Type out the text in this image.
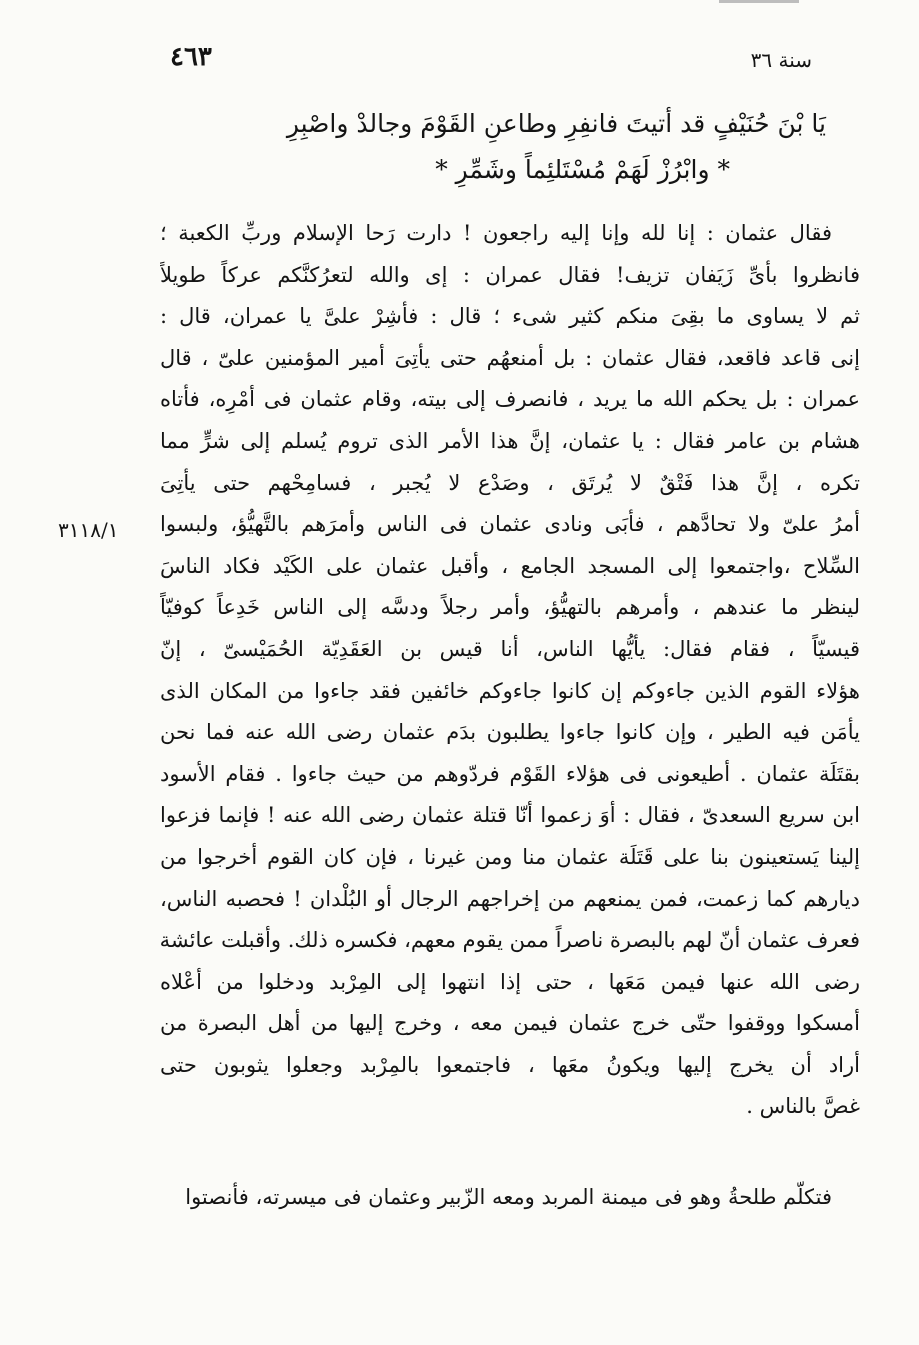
٤٦٣	سنة ٣٦
يَا بْنَ حُنَيْفٍ قد أتيتَ فانفِرِ وطاعنِ القَوْمَ وجالدْ واصْبِرِ
* وابْرُزْ لَهَمْ مُسْتَلئِماً وشَمِّرِ *
٣١١٨/١
فقال عثمان : إنا لله وإنا إليه راجعون ! دارت رَحا الإسلام وربِّ الكعبة ؛
فانظروا بأىِّ زَيَفان تزيف! فقال عمران : إى والله لتعرُكنَّكم عركاً طويلاً
ثم لا يساوى ما بقِىَ منكم كثير شىء ؛ قال : فأشِرْ علىَّ يا عمران، قال :
إنى قاعد فاقعد، فقال عثمان : بل أمنعهُم حتى يأتِىَ أمير المؤمنين علىّ ، قال
عمران : بل يحكم الله ما يريد ، فانصرف إلى بيته، وقام عثمان فى أمْرِه، فأتاه
هشام بن عامر فقال : يا عثمان، إنَّ هذا الأمر الذى تروم يُسلم إلى شرٍّ مما
تكره ، إنَّ هذا فَتْقٌ لا يُرتَق ، وصَدْع لا يُجبر ، فسامِحْهم حتى يأتِىَ
أمرُ علىّ ولا تحادَّهم ، فأبَى ونادى عثمان فى الناس وأمرَهم بالتَّهيُّؤ، ولبسوا
السِّلاح ،واجتمعوا إلى المسجد الجامع ، وأقبل عثمان على الكَيْد فكاد الناسَ
لينظر ما عندهم ، وأمرهم بالتهيُّؤ، وأمر رجلاً ودسَّه إلى الناس خَدِعاً كوفيّاً
قيسيّاً ، فقام فقال: يأيُّها الناس، أنا قيس بن العَقَدِيّة الحُمَيْسىّ ، إنّ
هؤلاء القوم الذين جاءوكم إن كانوا جاءوكم خائفين فقد جاءوا من المكان الذى
يأمَن فيه الطير ، وإن كانوا جاءوا يطلبون بدَم عثمان رضى الله عنه فما نحن
بقتَلَة عثمان . أطيعونى فى هؤلاء القَوْم فردّوهم من حيث جاءوا . فقام الأسود
ابن سريع السعدىّ ، فقال : أوَ زعموا أنّا قتلة عثمان رضى الله عنه ! فإنما فزعوا
إلينا يَستعينون بنا على قَتَلَة عثمان منا ومن غيرنا ، فإن كان القوم أخرجوا من
ديارهم كما زعمت، فمن يمنعهم من إخراجهم الرجال أو البُلْدان ! فحصبه الناس،
فعرف عثمان أنّ لهم بالبصرة ناصراً ممن يقوم معهم، فكسره ذلك. وأقبلت عائشة
رضى الله عنها فيمن مَعَها ، حتى إذا انتهوا إلى المِرْبد ودخلوا من أعْلاه
أمسكوا ووقفوا حتّى خرج عثمان فيمن معه ، وخرج إليها من أهل البصرة من
أراد أن يخرج إليها ويكونُ معَها ، فاجتمعوا بالمِرْبد وجعلوا يثوبون حتى
غصَّ بالناس .
فتكلّم طلحةُ وهو فى ميمنة المربد ومعه الزّبير وعثمان فى ميسرته، فأنصتوا
